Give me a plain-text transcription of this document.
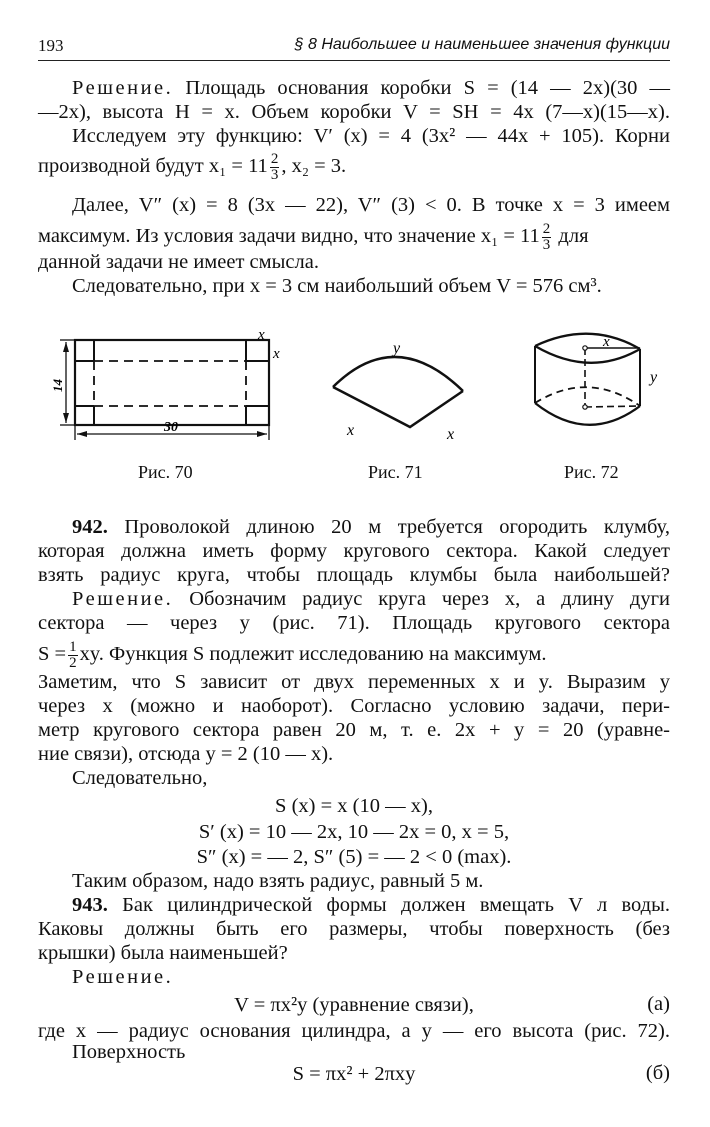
193	§ 8 Наибольшее и наименьшее значения функции
Решение. Площадь основания коробки S = (14 — 2x)(30 —
—2x), высота H = x. Объем коробки V = SH = 4x (7—x)(15—x).
Исследуем эту функцию: V′ (x) = 4 (3x² — 44x + 105). Корни
производной будут $x_1 = 11 \frac{2}{3}$ , x₂ = 3.
Далее, V″ (x) = 8 (3x — 22), V″ (3) < 0. В точке x = 3 имеем
максимум. Из условия задачи видно, что значение $x_1 = 11 \frac{2}{3}$ для
данной задачи не имеет смысла.
Следовательно, при x = 3 см наибольший объем V = 576 см³.
x
x
14
30
Рис. 70
y
x	x
Рис. 71
x
y
Рис. 72
942. Проволокой длиною 20 м требуется огородить клумбу,
которая должна иметь форму кругового сектора. Какой следует
взять радиус круга, чтобы площадь клумбы была наибольшей?
Решение. Обозначим радиус круга через x, а длину дуги
сектора — через y (рис. 71). Площадь кругового сектора
$S = \frac{1}{2}$ xy. Функция S подлежит исследованию на максимум.
Заметим, что S зависит от двух переменных x и y. Выразим y
через x (можно и наоборот). Согласно условию задачи, пери-
метр кругового сектора равен 20 м, т. е. 2x + y = 20 (уравне-
ние связи), отсюда y = 2 (10 — x).
Следовательно,
S (x) = x (10 — x),
S′ (x) = 10 — 2x, 10 — 2x = 0, x = 5,
S″ (x) = — 2, S″ (5) = — 2 < 0 (max).
Таким образом, надо взять радиус, равный 5 м.
943. Бак цилиндрической формы должен вмещать V л воды.
Каковы должны быть его размеры, чтобы поверхность (без
крышки) была наименьшей?
Решение.
V = πx²y (уравнение связи),	(а)
где x — радиус основания цилиндра, а y — его высота (рис. 72).
Поверхность
S = πx² + 2πxy	(б)
